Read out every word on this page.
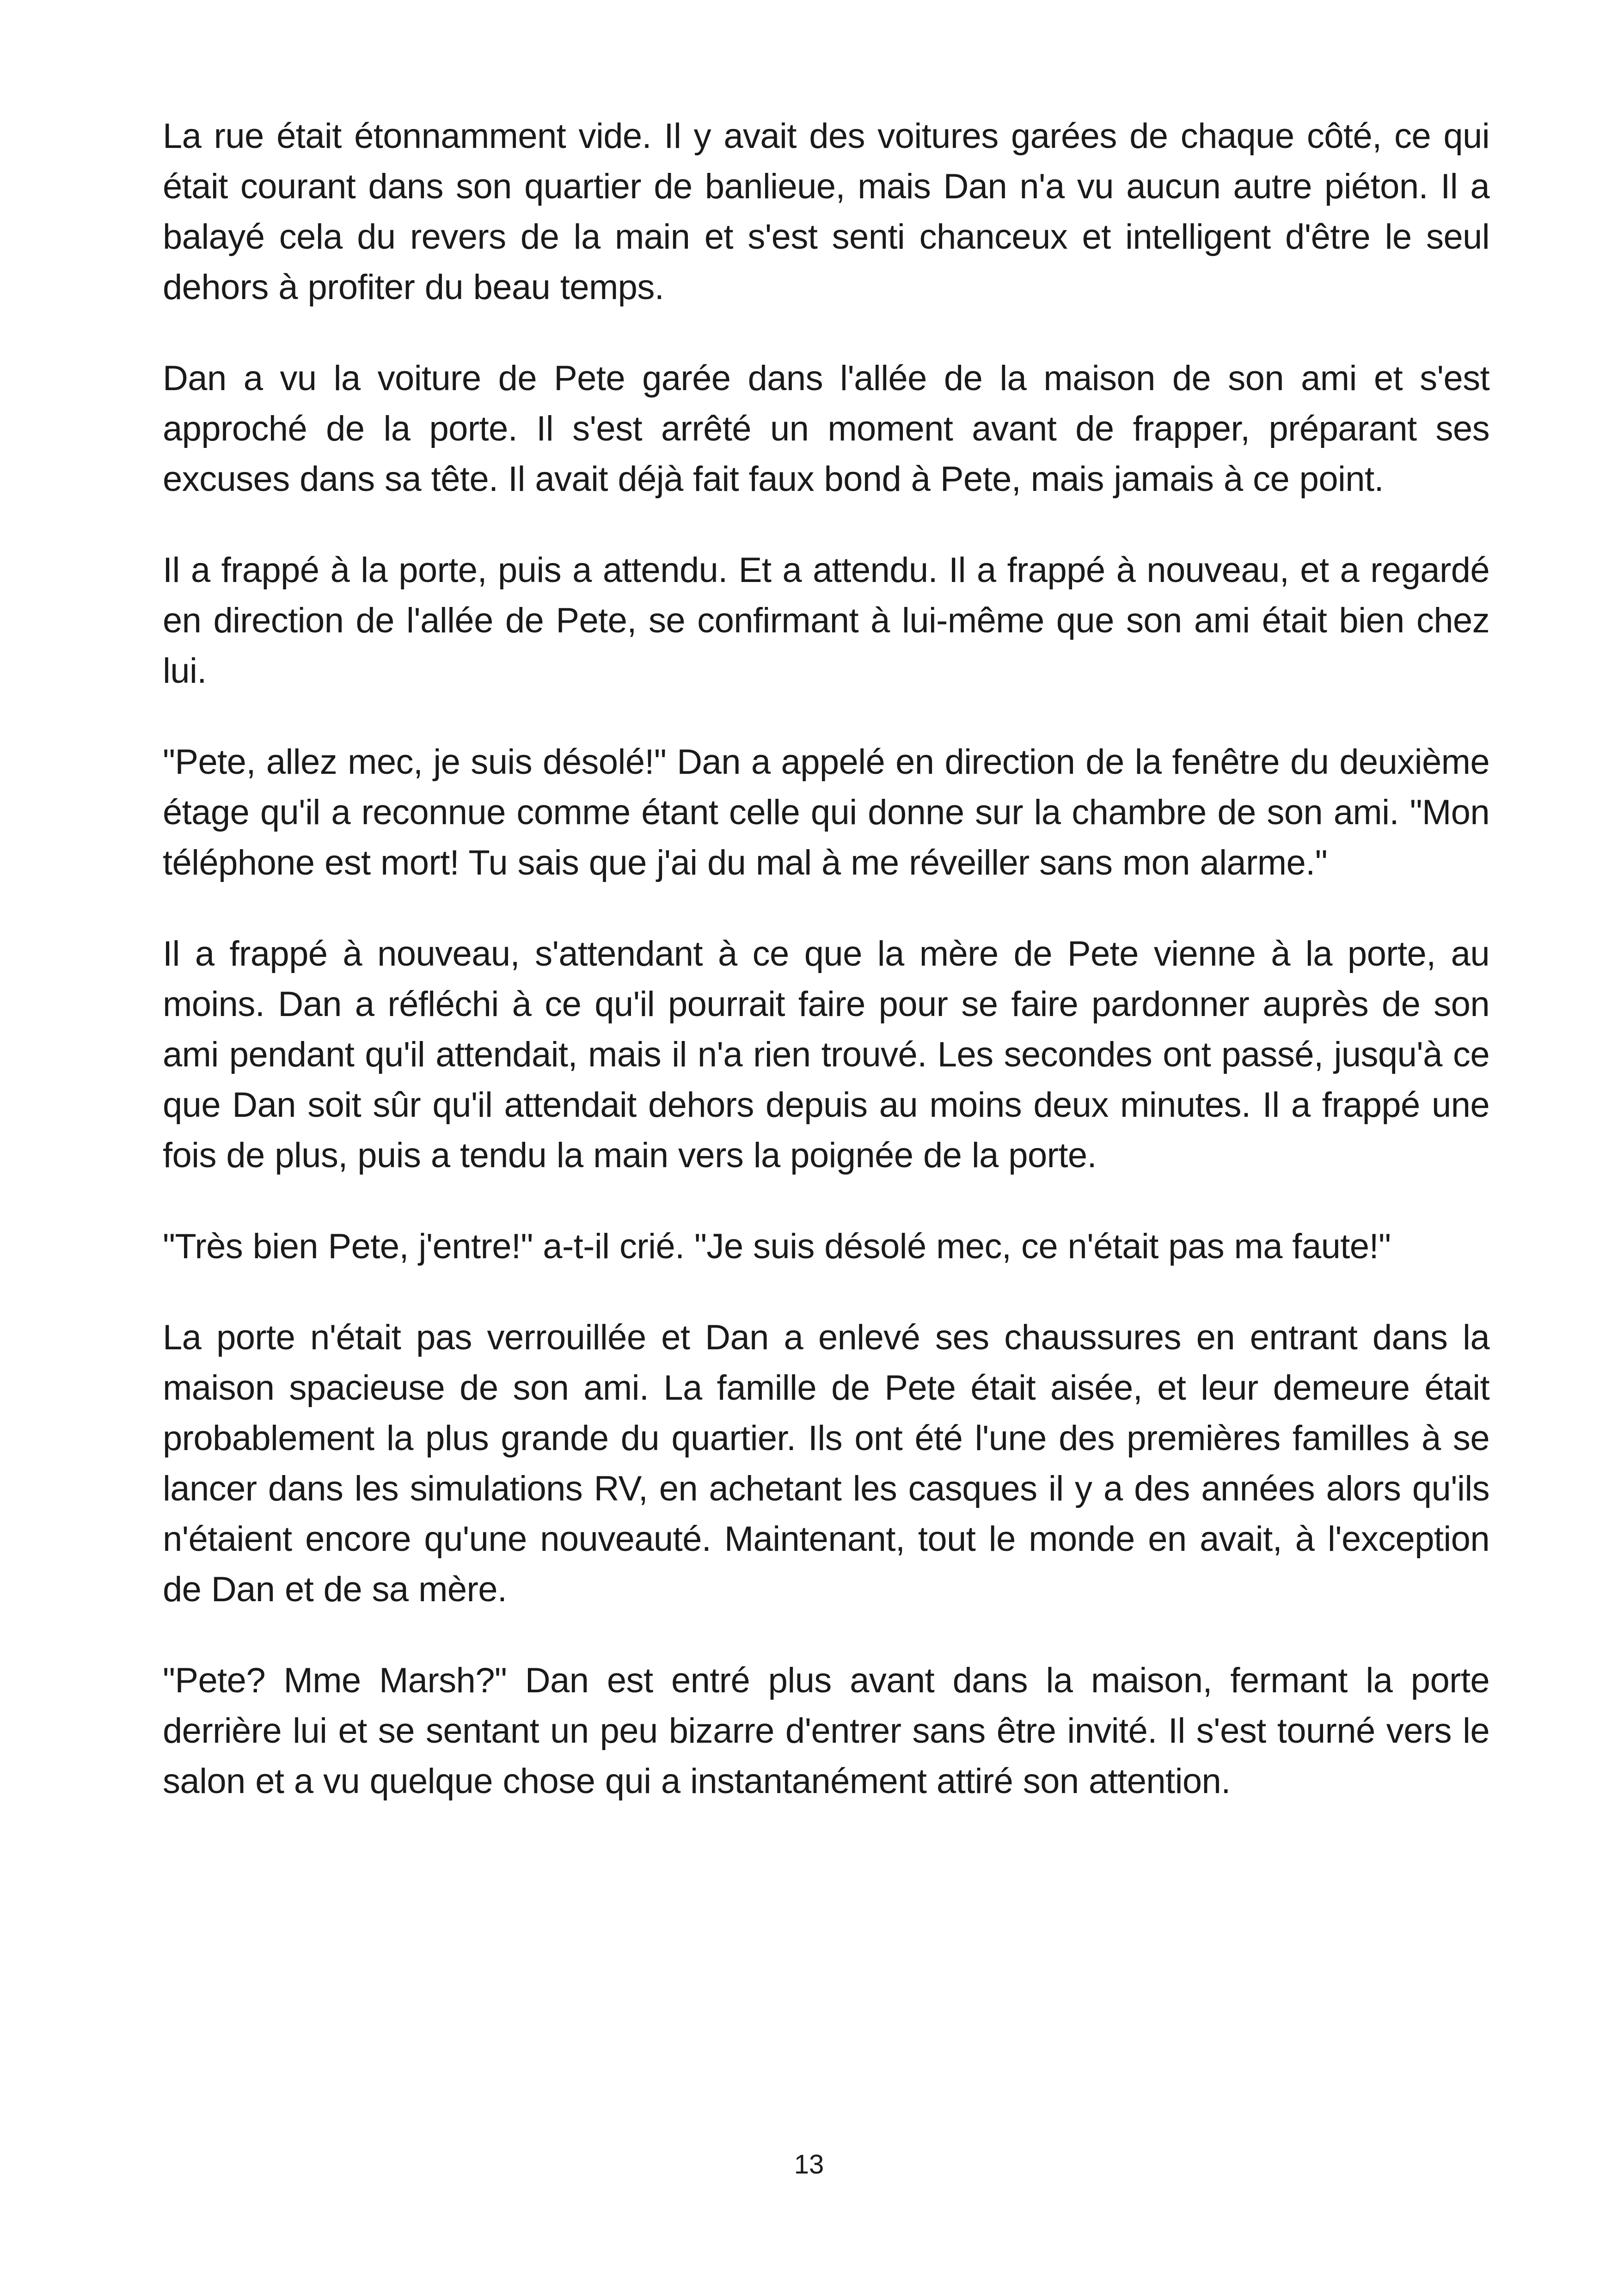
La rue était étonnamment vide. Il y avait des voitures garées de chaque côté, ce qui était courant dans son quartier de banlieue, mais Dan n'a vu aucun autre piéton. Il a balayé cela du revers de la main et s'est senti chanceux et intelligent d'être le seul dehors à profiter du beau temps.

Dan a vu la voiture de Pete garée dans l'allée de la maison de son ami et s'est approché de la porte. Il s'est arrêté un moment avant de frapper, préparant ses excuses dans sa tête. Il avait déjà fait faux bond à Pete, mais jamais à ce point.

Il a frappé à la porte, puis a attendu. Et a attendu. Il a frappé à nouveau, et a regardé en direction de l'allée de Pete, se confirmant à lui-même que son ami était bien chez lui.

"Pete, allez mec, je suis désolé!" Dan a appelé en direction de la fenêtre du deuxième étage qu'il a reconnue comme étant celle qui donne sur la chambre de son ami. "Mon téléphone est mort! Tu sais que j'ai du mal à me réveiller sans mon alarme."

Il a frappé à nouveau, s'attendant à ce que la mère de Pete vienne à la porte, au moins. Dan a réfléchi à ce qu'il pourrait faire pour se faire pardonner auprès de son ami pendant qu'il attendait, mais il n'a rien trouvé. Les secondes ont passé, jusqu'à ce que Dan soit sûr qu'il attendait dehors depuis au moins deux minutes. Il a frappé une fois de plus, puis a tendu la main vers la poignée de la porte.

"Très bien Pete, j'entre!" a-t-il crié. "Je suis désolé mec, ce n'était pas ma faute!"

La porte n'était pas verrouillée et Dan a enlevé ses chaussures en entrant dans la maison spacieuse de son ami. La famille de Pete était aisée, et leur demeure était probablement la plus grande du quartier. Ils ont été l'une des premières familles à se lancer dans les simulations RV, en achetant les casques il y a des années alors qu'ils n'étaient encore qu'une nouveauté. Maintenant, tout le monde en avait, à l'exception de Dan et de sa mère.

"Pete? Mme Marsh?" Dan est entré plus avant dans la maison, fermant la porte derrière lui et se sentant un peu bizarre d'entrer sans être invité. Il s'est tourné vers le salon et a vu quelque chose qui a instantanément attiré son attention.

13
